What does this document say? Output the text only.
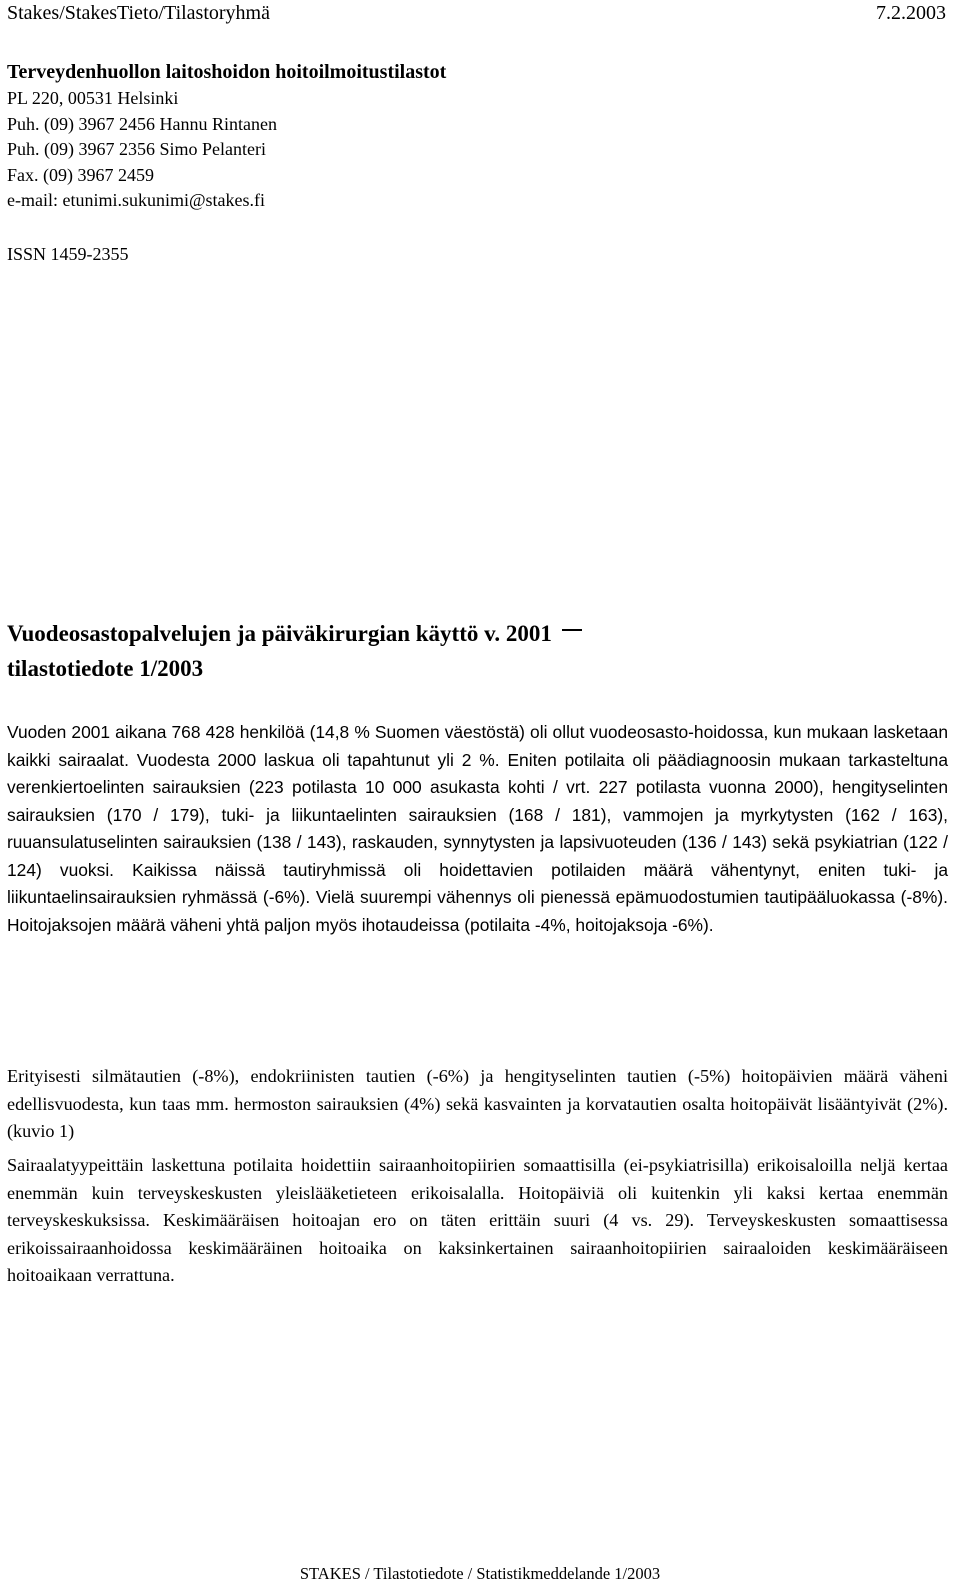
Stakes/StakesTieto/Tilastoryhmä	7.2.2003

Terveydenhuollon laitoshoidon hoitoilmoitustilastot

PL 220, 00531 Helsinki

Puh. (09) 3967 2456 Hannu Rintanen

Puh. (09) 3967 2356 Simo Pelanteri

Fax. (09) 3967 2459

e-mail: etunimi.sukunimi@stakes.fi

ISSN 1459-2355
Vuodeosastopalvelujen ja päiväkirurgian käyttö v. 2001
tilastotiedote 1/2003

Vuoden 2001 aikana 768 428 henkilöä (14,8 % Suomen väestöstä) oli ollut vuodeosasto-hoidossa, kun mukaan lasketaan kaikki sairaalat. Vuodesta 2000 laskua oli tapahtunut yli 2 %. Eniten potilaita oli päädiagnoosin mukaan tarkasteltuna verenkiertoelinten sairauksien (223 potilasta 10 000 asukasta kohti / vrt. 227 potilasta vuonna 2000), hengityselinten sairauksien (170 / 179), tuki- ja liikuntaelinten sairauksien (168 / 181), vammojen ja myrkytysten (162 / 163), ruuansulatuselinten sairauksien (138 / 143), raskauden, synnytysten ja lapsivuoteuden (136 / 143) sekä psykiatrian (122 / 124) vuoksi. Kaikissa näissä tautiryhmissä oli hoidettavien potilaiden määrä vähentynyt, eniten tuki- ja liikuntaelinsairauksien ryhmässä (-6%). Vielä suurempi vähennys oli pienessä epämuodostumien tautipääluokassa (-8%). Hoitojaksojen määrä väheni yhtä paljon myös ihotaudeissa (potilaita -4%, hoitojaksoja -6%).

Erityisesti silmätautien (-8%), endokriinisten tautien (-6%) ja hengityselinten tautien (-5%) hoitopäivien määrä väheni edellisvuodesta, kun taas mm. hermoston sairauksien (4%) sekä kasvainten ja korvatautien osalta hoitopäivät lisääntyivät (2%). (kuvio 1)

Sairaalatyypeittäin laskettuna potilaita hoidettiin sairaanhoitopiirien somaattisilla (ei-psykiatrisilla) erikoisaloilla neljä kertaa enemmän kuin terveyskeskusten yleislääketieteen erikoisalalla. Hoitopäiviä oli kuitenkin yli kaksi kertaa enemmän terveyskeskuksissa. Keskimääräisen hoitoajan ero on täten erittäin suuri (4 vs. 29). Terveyskeskusten somaattisessa erikoissairaanhoidossa keskimääräinen hoitoaika on kaksinkertainen sairaanhoitopiirien sairaaloiden keskimääräiseen hoitoaikaan verrattuna.

STAKES / Tilastotiedote / Statistikmeddelande 1/2003
